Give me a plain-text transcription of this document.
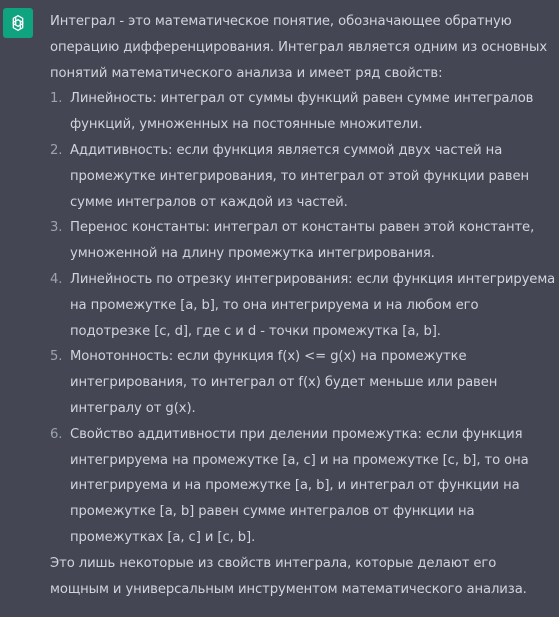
Интеграл - это математическое понятие, обозначающее обратную операцию дифференцирования. Интеграл является одним из основных понятий математического анализа и имеет ряд свойств:

1. Линейность: интеграл от суммы функций равен сумме интегралов функций, умноженных на постоянные множители.
2. Аддитивность: если функция является суммой двух частей на промежутке интегрирования, то интеграл от этой функции равен сумме интегралов от каждой из частей.
3. Перенос константы: интеграл от константы равен этой константе, умноженной на длину промежутка интегрирования.
4. Линейность по отрезку интегрирования: если функция интегрируема на промежутке [a, b], то она интегрируема и на любом его подотрезке [c, d], где c и d - точки промежутка [a, b].
5. Монотонность: если функция f(x) <= g(x) на промежутке интегрирования, то интеграл от f(x) будет меньше или равен интегралу от g(x).
6. Свойство аддитивности при делении промежутка: если функция интегрируема на промежутке [a, c] и на промежутке [c, b], то она интегрируема и на промежутке [a, b], и интеграл от функции на промежутке [a, b] равен сумме интегралов от функции на промежутках [a, c] и [c, b].

Это лишь некоторые из свойств интеграла, которые делают его мощным и универсальным инструментом математического анализа.
